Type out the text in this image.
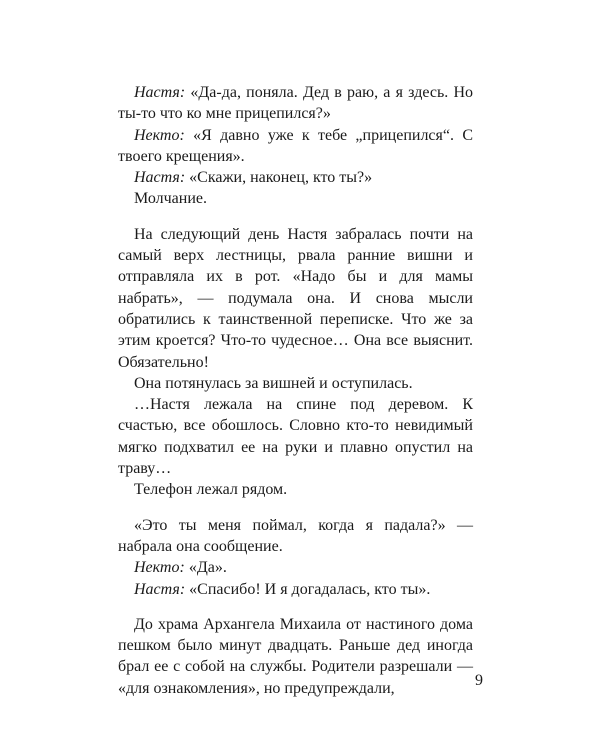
Настя: «Да-да, поняла. Дед в раю, а я здесь. Но ты-то что ко мне прицепился?»

Некто: «Я давно уже к тебе „прицепился“. С твоего крещения».

Настя: «Скажи, наконец, кто ты?»

Молчание.

На следующий день Настя забралась почти на самый верх лестницы, рвала ранние вишни и отправляла их в рот. «Надо бы и для мамы набрать», — подумала она. И снова мысли обратились к таинственной переписке. Что же за этим кроется? Что-то чудесное… Она все выяснит. Обязательно!

Она потянулась за вишней и оступилась.

…Настя лежала на спине под деревом. К счастью, все обошлось. Словно кто-то невидимый мягко подхватил ее на руки и плавно опустил на траву…

Телефон лежал рядом.

«Это ты меня поймал, когда я падала?» — набрала она сообщение.

Некто: «Да».

Настя: «Спасибо! И я догадалась, кто ты».

До храма Архангела Михаила от настиного дома пешком было минут двадцать. Раньше дед иногда брал ее с собой на службы. Родители разрешали — «для ознакомления», но предупреждали,	9
